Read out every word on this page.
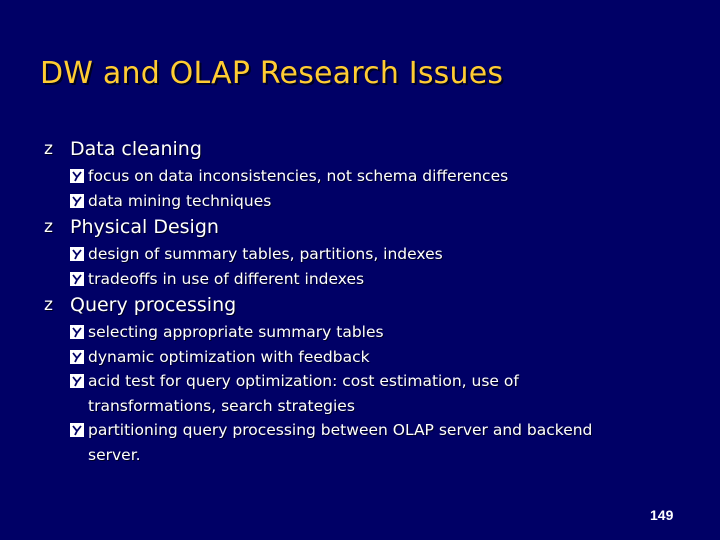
DW and OLAP Research Issues
z Data cleaning
focus on data inconsistencies, not schema differences
data mining techniques
z Physical Design
design of summary tables, partitions, indexes
tradeoffs in use of different indexes
z Query processing
selecting appropriate summary tables
dynamic optimization with feedback
acid test for query optimization: cost estimation, use of transformations, search strategies
partitioning query processing between OLAP server and backend server.
149
